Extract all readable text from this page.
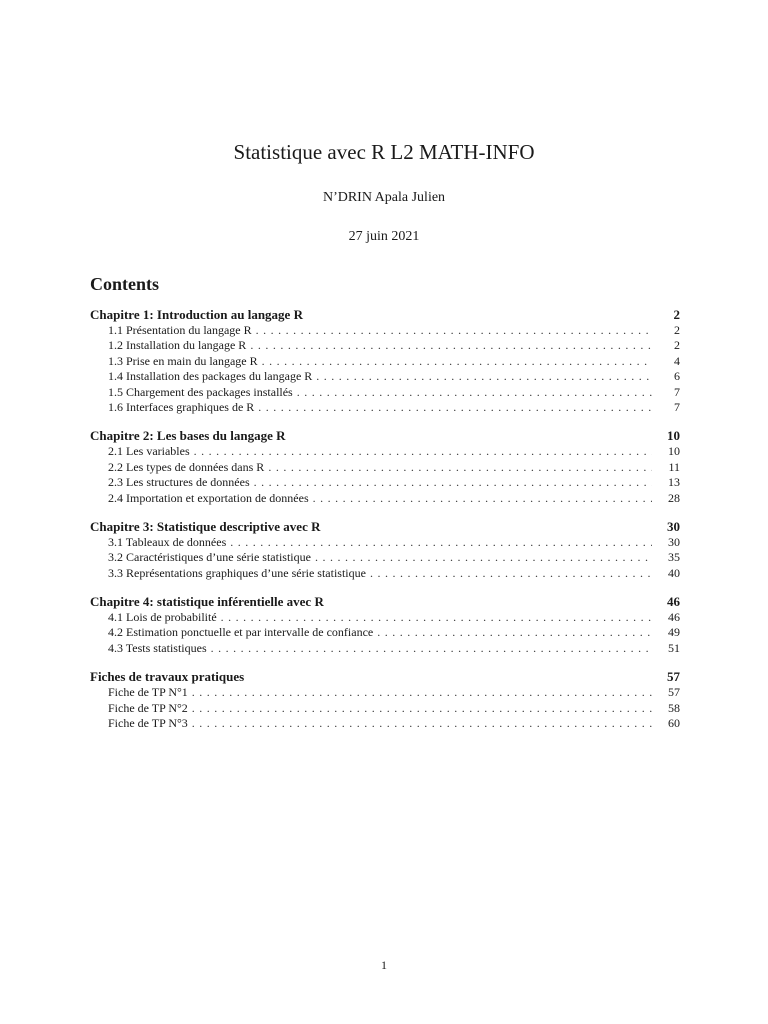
Statistique avec R L2 MATH-INFO
N’DRIN Apala Julien
27 juin 2021
Contents
Chapitre 1: Introduction au langage R	2
1.1 Présentation du langage R . . .	2
1.2 Installation du langage R . . .	2
1.3 Prise en main du langage R . . .	4
1.4 Installation des packages du langage R . . .	6
1.5 Chargement des packages installés . . .	7
1.6 Interfaces graphiques de R . . .	7
Chapitre 2: Les bases du langage R	10
2.1 Les variables . . .	10
2.2 Les types de données dans R . . .	11
2.3 Les structures de données . . .	13
2.4 Importation et exportation de données . . .	28
Chapitre 3: Statistique descriptive avec R	30
3.1 Tableaux de données . . .	30
3.2 Caractéristiques d’une série statistique . . .	35
3.3 Représentations graphiques d’une série statistique . . .	40
Chapitre 4: statistique inférentielle avec R	46
4.1 Lois de probabilité . . .	46
4.2 Estimation ponctuelle et par intervalle de confiance . . .	49
4.3 Tests statistiques . . .	51
Fiches de travaux pratiques	57
Fiche de TP N°1 . . .	57
Fiche de TP N°2 . . .	58
Fiche de TP N°3 . . .	60
1
